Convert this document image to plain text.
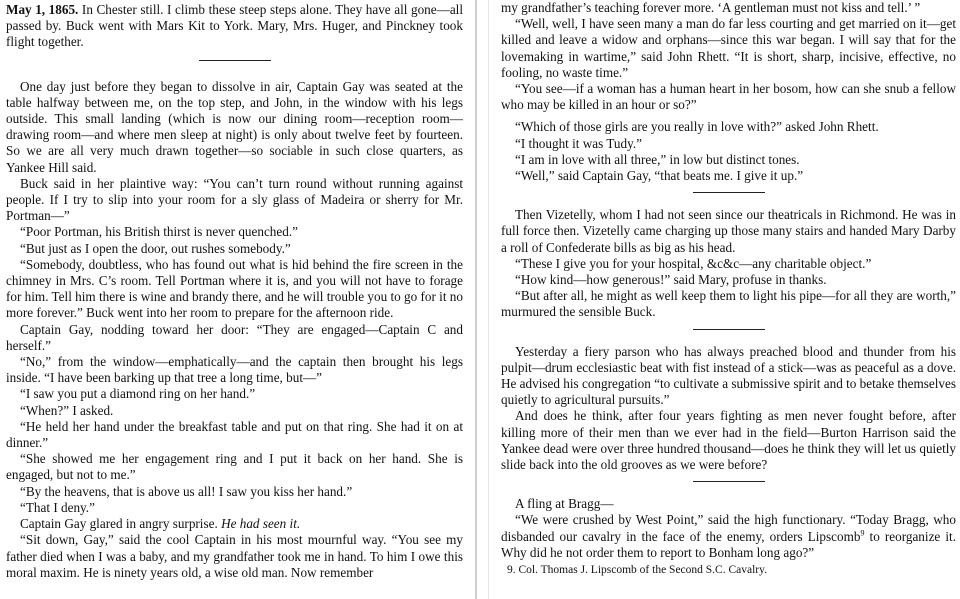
May 1, 1865. In Chester still. I climb these steep steps alone. They have all gone—all passed by. Buck went with Mars Kit to York. Mary, Mrs. Huger, and Pinckney took flight together.

One day just before they began to dissolve in air, Captain Gay was seated at the table halfway between me, on the top step, and John, in the window with his legs outside. This small landing (which is now our dining room—reception room—drawing room—and where men sleep at night) is only about twelve feet by fourteen. So we are all very much drawn together—so sociable in such close quarters, as Yankee Hill said.

Buck said in her plaintive way: “You can’t turn round without running against people. If I try to slip into your room for a sly glass of Madeira or sherry for Mr. Portman—”

“Poor Portman, his British thirst is never quenched.”

“But just as I open the door, out rushes somebody.”

“Somebody, doubtless, who has found out what is hid behind the fire screen in the chimney in Mrs. C’s room. Tell Portman where it is, and you will not have to forage for him. Tell him there is wine and brandy there, and he will trouble you to go for it no more forever.” Buck went into her room to prepare for the afternoon ride.

Captain Gay, nodding toward her door: “They are engaged—Captain C and herself.”

“No,” from the window—emphatically—and the captain then brought his legs inside. “I have been barking up that tree a long time, but—”

“I saw you put a diamond ring on her hand.”

“When?” I asked.

“He held her hand under the breakfast table and put on that ring. She had it on at dinner.”

“She showed me her engagement ring and I put it back on her hand. She is engaged, but not to me.”

“By the heavens, that is above us all! I saw you kiss her hand.”

“That I deny.”

Captain Gay glared in angry surprise. He had seen it.

“Sit down, Gay,” said the cool Captain in his most mournful way. “You see my father died when I was a baby, and my grandfather took me in hand. To him I owe this moral maxim. He is ninety years old, a wise old man. Now remember

my grandfather’s teaching forever more. ‘A gentleman must not kiss and tell.’ ”

“Well, well, I have seen many a man do far less courting and get married on it—get killed and leave a widow and orphans—since this war began. I will say that for the lovemaking in wartime,” said John Rhett. “It is short, sharp, incisive, effective, no fooling, no waste time.”

“You see—if a woman has a human heart in her bosom, how can she snub a fellow who may be killed in an hour or so?”

“Which of those girls are you really in love with?” asked John Rhett.

“I thought it was Tudy.”

“I am in love with all three,” in low but distinct tones.

“Well,” said Captain Gay, “that beats me. I give it up.”

Then Vizetelly, whom I had not seen since our theatricals in Richmond. He was in full force then. Vizetelly came charging up those many stairs and handed Mary Darby a roll of Confederate bills as big as his head.

“These I give you for your hospital, &c&c—any charitable object.”

“How kind—how generous!” said Mary, profuse in thanks.

“But after all, he might as well keep them to light his pipe—for all they are worth,” murmured the sensible Buck.

Yesterday a fiery parson who has always preached blood and thunder from his pulpit—drum ecclesiastic beat with fist instead of a stick—was as peaceful as a dove. He advised his congregation “to cultivate a submissive spirit and to betake themselves quietly to agricultural pursuits.”

And does he think, after four years fighting as men never fought before, after killing more of their men than we ever had in the field—Burton Harrison said the Yankee dead were over three hundred thousand—does he think they will let us quietly slide back into the old grooves as we were before?

A fling at Bragg—

“We were crushed by West Point,” said the high functionary. “Today Bragg, who disbanded our cavalry in the face of the enemy, orders Lipscomb$^9$ to reorganize it. Why did he not order them to report to Bonham long ago?”

9. Col. Thomas J. Lipscomb of the Second S.C. Cavalry.
